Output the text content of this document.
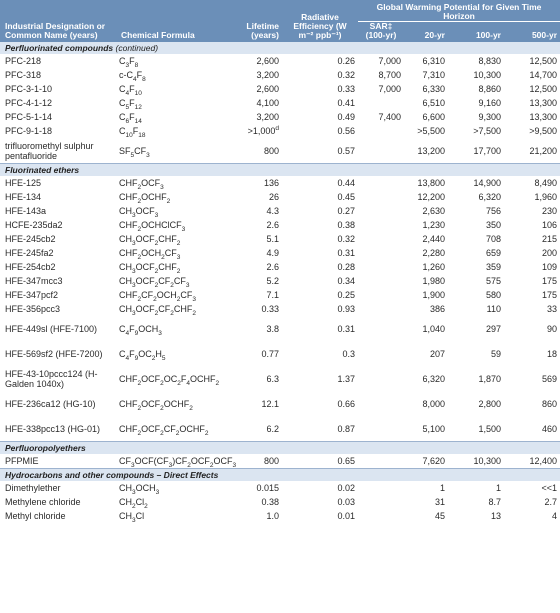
Industrial Designation or Common Name (years)	Chemical Formula	Lifetime (years)	Radiative Efficiency (W m⁻² ppb⁻¹)	Global Warming Potential for Given Time Horizon			

				SAR‡ (100-yr)	20-yr	100-yr	500-yr
Perfluorinated compounds (continued)							
PFC-218	$C_3F_8$	2,600	0.26	7,000	6,310	8,830	12,500
PFC-318	$c-C_4F_8$	3,200	0.32	8,700	7,310	10,300	14,700
PFC-3-1-10	$C_4F_{10}$	2,600	0.33	7,000	6,330	8,860	12,500
PFC-4-1-12	$C_5F_{12}$	4,100	0.41		6,510	9,160	13,300
PFC-5-1-14	$C_6F_{14}$	3,200	0.49	7,400	6,600	9,300	13,300
PFC-9-1-18	$C_{10}F_{18}$	>1,000$^d$	0.56		>5,500	>7,500	>9,500
trifluoromethyl sulphur pentafluoride	$SF_5CF_3$	800	0.57		13,200	17,700	21,200
Fluorinated ethers							
HFE-125	$CHF_2OCF_3$	136	0.44		13,800	14,900	8,490
HFE-134	$CHF_2OCHF_2$	26	0.45		12,200	6,320	1,960
HFE-143a	$CH_3OCF_3$	4.3	0.27		2,630	756	230
HCFE-235da2	$CHF_2OCHClCF_3$	2.6	0.38		1,230	350	106
HFE-245cb2	$CH_3OCF_2CHF_2$	5.1	0.32		2,440	708	215
HFE-245fa2	$CHF_2OCH_2CF_3$	4.9	0.31		2,280	659	200
HFE-254cb2	$CH_3OCF_2CHF_2$	2.6	0.28		1,260	359	109
HFE-347mcc3	$CH_3OCF_2CF_2CF_3$	5.2	0.34		1,980	575	175
HFE-347pcf2	$CHF_2CF_2OCH_2CF_3$	7.1	0.25		1,900	580	175
HFE-356pcc3	$CH_3OCF_2CF_2CHF_2$	0.33	0.93		386	110	33
HFE-449sl (HFE-7100)	$C_4F_9OCH_3$	3.8	0.31		1,040	297	90
HFE-569sf2 (HFE-7200)	$C_4F_9OC_2H_5$	0.77	0.3		207	59	18
HFE-43-10pccc124 (H-Galden 1040x)	$CHF_2OCF_2OC_2F_4OCHF_2$	6.3	1.37		6,320	1,870	569
HFE-236ca12 (HG-10)	$CHF_2OCF_2OCHF_2$	12.1	0.66		8,000	2,800	860
HFE-338pcc13 (HG-01)	$CHF_2OCF_2CF_2OCHF_2$	6.2	0.87		5,100	1,500	460
Perfluoropolyethers							
PFPMIE	$CF_3OCF(CF_3)CF_2OCF_2OCF_3$	800	0.65		7,620	10,300	12,400
Hydrocarbons and other compounds – Direct Effects							
Dimethylether	$CH_3OCH_3$	0.015	0.02		1	1	<<1
Methylene chloride	$CH_2Cl_2$	0.38	0.03		31	8.7	2.7
Methyl chloride	$CH_3Cl$	1.0	0.01		45	13	4
